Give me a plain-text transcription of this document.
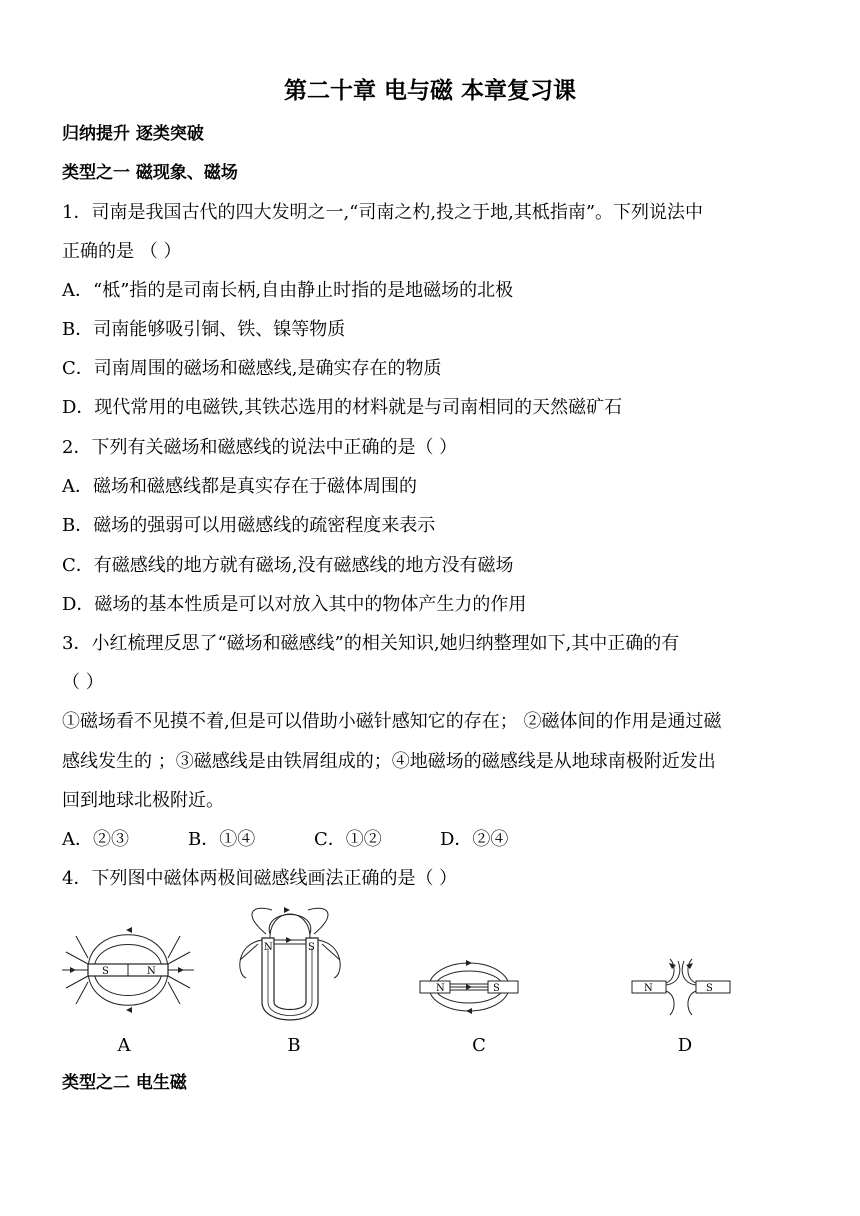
第二十章 电与磁 本章复习课
归纳提升 逐类突破
类型之一 磁现象、磁场
1．司南是我国古代的四大发明之一,“司南之杓,投之于地,其柢指南”。下列说法中
正确的是 （ ）
A．“柢”指的是司南长柄,自由静止时指的是地磁场的北极
B．司南能够吸引铜、铁、镍等物质
C．司南周围的磁场和磁感线,是确实存在的物质
D．现代常用的电磁铁,其铁芯选用的材料就是与司南相同的天然磁矿石
2．下列有关磁场和磁感线的说法中正确的是（ ）
A．磁场和磁感线都是真实存在于磁体周围的
B．磁场的强弱可以用磁感线的疏密程度来表示
C．有磁感线的地方就有磁场,没有磁感线的地方没有磁场
D．磁场的基本性质是可以对放入其中的物体产生力的作用
3．小红梳理反思了“磁场和磁感线”的相关知识,她归纳整理如下,其中正确的有
（ ）
①磁场看不见摸不着,但是可以借助小磁针感知它的存在； ②磁体间的作用是通过磁
感线发生的 ；③磁感线是由铁屑组成的；④地磁场的磁感线是从地球南极附近发出
回到地球北极附近。
A．②③	B．①④	C．①②	D．②④
4．下列图中磁体两极间磁感线画法正确的是（ ）
S	N
N	S
N	S	N	S
A	B	C	D
类型之二 电生磁
